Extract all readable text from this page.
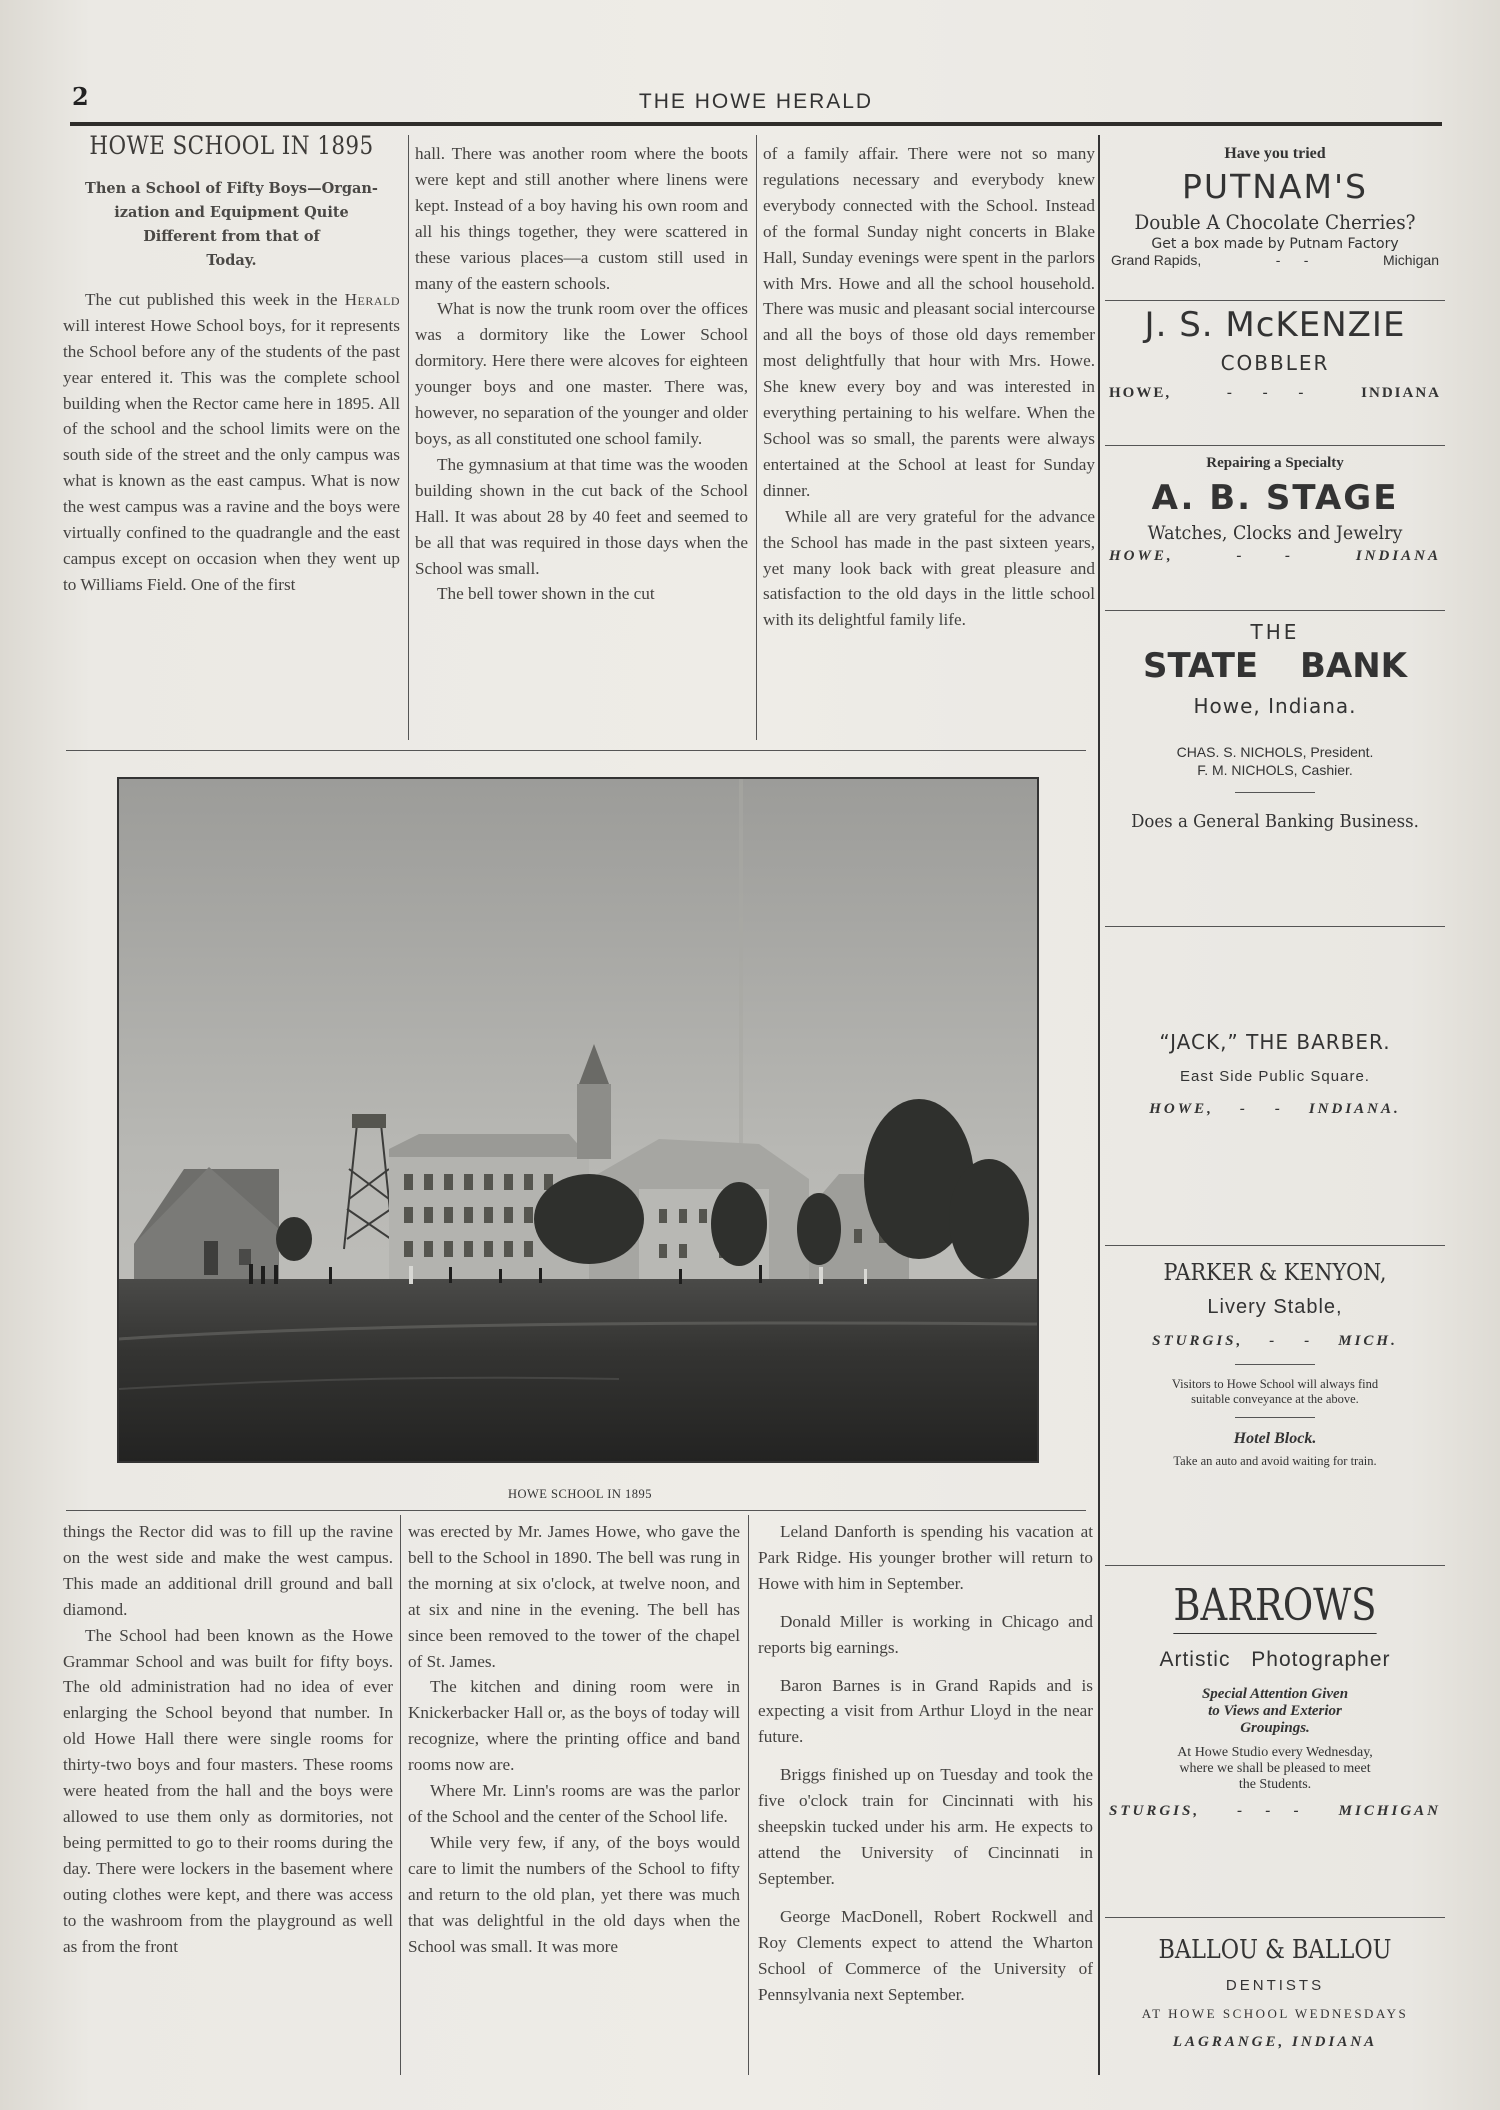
2	THE HOWE HERALD
HOWE SCHOOL IN 1895
Then a School of Fifty Boys—Organ-
ization and Equipment Quite
Different from that of
Today.

The cut published this week in the Herald will interest Howe School boys, for it represents the School before any of the students of the past year entered it. This was the complete school building when the Rector came here in 1895. All of the school and the school limits were on the south side of the street and the only campus was what is known as the east campus. What is now the west campus was a ravine and the boys were virtually confined to the quadrangle and the east campus except on occasion when they went up to Williams Field. One of the first

hall. There was another room where the boots were kept and still another where linens were kept. Instead of a boy having his own room and all his things together, they were scattered in these various places—a custom still used in many of the eastern schools.

What is now the trunk room over the offices was a dormitory like the Lower School dormitory. Here there were alcoves for eighteen younger boys and one master. There was, however, no separation of the younger and older boys, as all constituted one school family.

The gymnasium at that time was the wooden building shown in the cut back of the School Hall. It was about 28 by 40 feet and seemed to be all that was required in those days when the School was small.

The bell tower shown in the cut

of a family affair. There were not so many regulations necessary and everybody knew everybody connected with the School. Instead of the formal Sunday night concerts in Blake Hall, Sunday evenings were spent in the parlors with Mrs. Howe and all the school household. There was music and pleasant social intercourse and all the boys of those old days remember most delightfully that hour with Mrs. Howe. She knew every boy and was interested in everything pertaining to his welfare. When the School was so small, the parents were always entertained at the School at least for Sunday dinner.

While all are very grateful for the advance the School has made in the past sixteen years, yet many look back with great pleasure and satisfaction to the old days in the little school with its delightful family life.

HOWE SCHOOL IN 1895

things the Rector did was to fill up the ravine on the west side and make the west campus. This made an additional drill ground and ball diamond.

The School had been known as the Howe Grammar School and was built for fifty boys. The old administration had no idea of ever enlarging the School beyond that number. In old Howe Hall there were single rooms for thirty-two boys and four masters. These rooms were heated from the hall and the boys were allowed to use them only as dormitories, not being permitted to go to their rooms during the day. There were lockers in the basement where outing clothes were kept, and there was access to the washroom from the playground as well as from the front

was erected by Mr. James Howe, who gave the bell to the School in 1890. The bell was rung in the morning at six o'clock, at twelve noon, and at six and nine in the evening. The bell has since been removed to the tower of the chapel of St. James.

The kitchen and dining room were in Knickerbacker Hall or, as the boys of today will recognize, where the printing office and band rooms now are.

Where Mr. Linn's rooms are was the parlor of the School and the center of the School life.

While very few, if any, of the boys would care to limit the numbers of the School to fifty and return to the old plan, yet there was much that was delightful in the old days when the School was small. It was more

Leland Danforth is spending his vacation at Park Ridge. His younger brother will return to Howe with him in September.

Donald Miller is working in Chicago and reports big earnings.

Baron Barnes is in Grand Rapids and is expecting a visit from Arthur Lloyd in the near future.

Briggs finished up on Tuesday and took the five o'clock train for Cincinnati with his sheepskin tucked under his arm. He expects to attend the University of Cincinnati in September.

George MacDonell, Robert Rockwell and Roy Clements expect to attend the Wharton School of Commerce of the University of Pennsylvania next September.

Have you tried
PUTNAM'S
Double A Chocolate Cherries?
Get a box made by Putnam Factory
Grand Rapids,	-      -	Michigan
J. S. McKENZIE
COBBLER
HOWE,	-     -     -	INDIANA
Repairing a Specialty
A. B. STAGE
Watches, Clocks and Jewelry
HOWE,	-      -	INDIANA
THE
STATE BANK
Howe, Indiana.
CHAS. S. NICHOLS, President.
F. M. NICHOLS, Cashier.
Does a General Banking Business.
“JACK,” THE BARBER.
East Side Public Square.
HOWE, -    - INDIANA.
PARKER & KENYON,
Livery Stable,
STURGIS, -    - MICH.
Visitors to Howe School will always find
suitable conveyance at the above.
Hotel Block.
Take an auto and avoid waiting for train.
BARROWS
Artistic Photographer
Special Attention Given
to Views and Exterior
Groupings.
At Howe Studio every Wednesday,
where we shall be pleased to meet
the Students.
STURGIS, -   -   - MICHIGAN
BALLOU & BALLOU
DENTISTS
AT HOWE SCHOOL WEDNESDAYS
LAGRANGE, INDIANA
